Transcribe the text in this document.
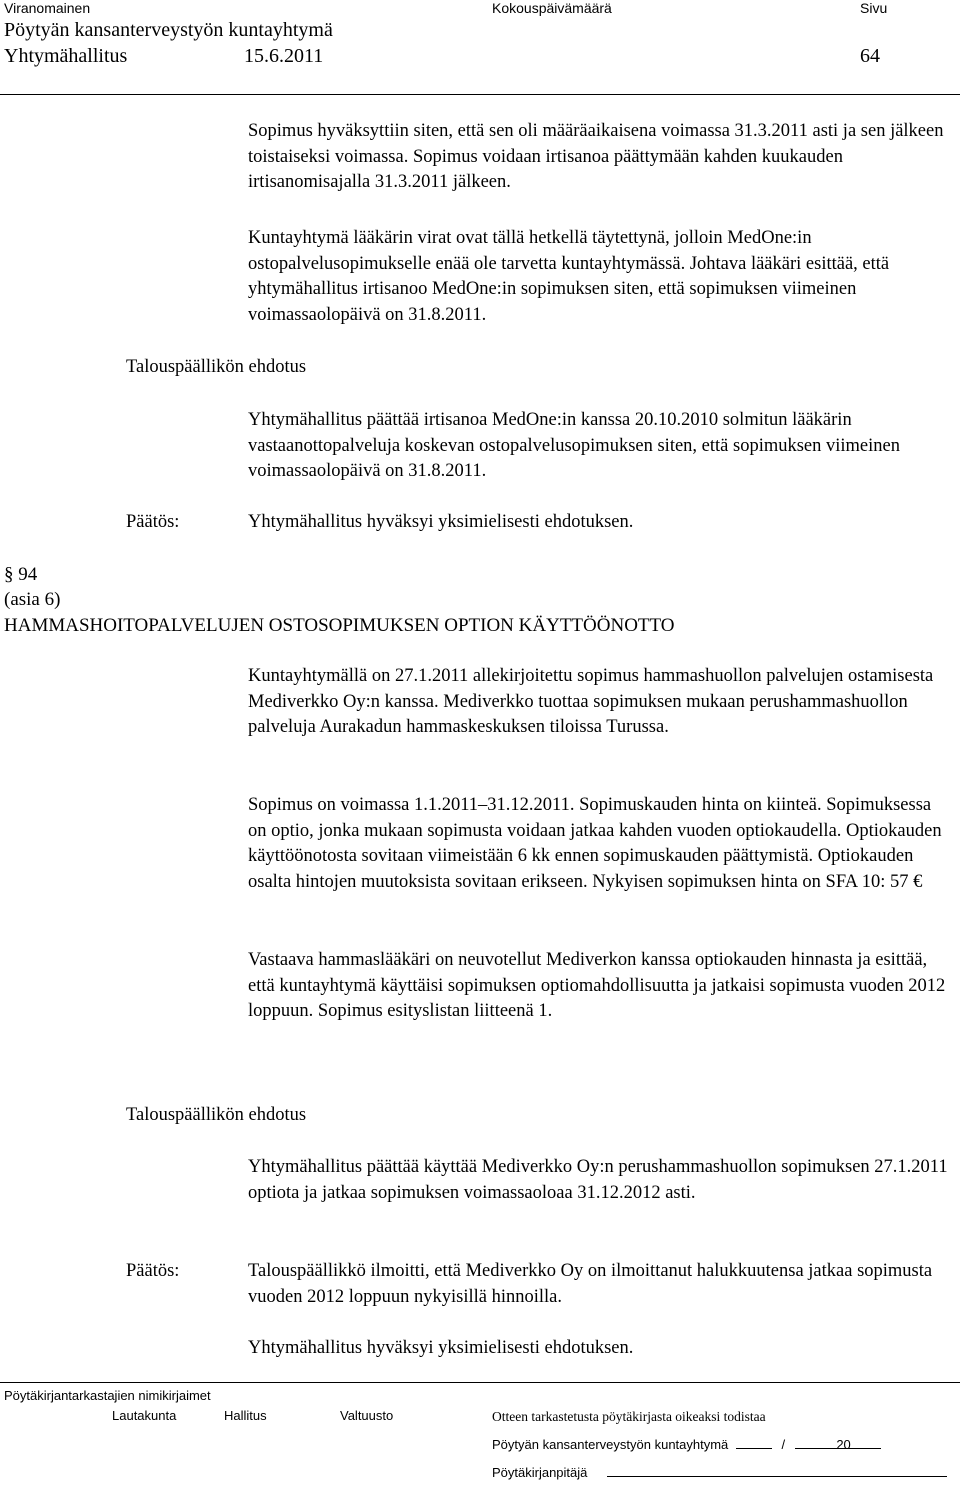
Viranomainen	Kokouspäivämäärä	Sivu
Pöytyän kansanterveystyön kuntayhtymä
Yhtymähallitus	15.6.2011	64

Sopimus hyväksyttiin siten, että sen oli määräaikaisena voimassa 31.3.2011 asti ja sen jälkeen toistaiseksi voimassa. Sopimus voidaan irtisanoa päättymään kahden kuukauden irtisanomisajalla 31.3.2011 jälkeen.

Kuntayhtymä lääkärin virat ovat tällä hetkellä täytettynä, jolloin MedOne:in ostopalvelusopimukselle enää ole tarvetta kuntayhtymässä. Johtava lääkäri esittää, että yhtymähallitus irtisanoo MedOne:in sopimuksen siten, että sopimuksen viimeinen voimassaolopäivä on 31.8.2011.

Talouspäällikön ehdotus

Yhtymähallitus päättää irtisanoa MedOne:in kanssa 20.10.2010 solmitun lääkärin vastaanottopalveluja koskevan ostopalvelusopimuksen siten, että sopimuksen viimeinen voimassaolopäivä on 31.8.2011.

Päätös:	Yhtymähallitus hyväksyi yksimielisesti ehdotuksen.

§ 94
(asia 6)
HAMMASHOITOPALVELUJEN OSTOSOPIMUKSEN OPTION KÄYTTÖÖNOTTO

Kuntayhtymällä on 27.1.2011 allekirjoitettu sopimus hammashuollon palvelujen ostamisesta Mediverkko Oy:n kanssa. Mediverkko tuottaa sopimuksen mukaan perushammashuollon palveluja Aurakadun hammaskeskuksen tiloissa Turussa.

Sopimus on voimassa 1.1.2011–31.12.2011. Sopimuskauden hinta on kiinteä. Sopimuksessa on optio, jonka mukaan sopimusta voidaan jatkaa kahden vuoden optiokaudella. Optiokauden käyttöönotosta sovitaan viimeistään 6 kk ennen sopimuskauden päättymistä. Optiokauden osalta hintojen muutoksista sovitaan erikseen. Nykyisen sopimuksen hinta on SFA 10: 57 €

Vastaava hammaslääkäri on neuvotellut Mediverkon kanssa optiokauden hinnasta ja esittää, että kuntayhtymä käyttäisi sopimuksen optiomahdollisuutta ja jatkaisi sopimusta vuoden 2012 loppuun. Sopimus esityslistan liitteenä 1.

Talouspäällikön ehdotus

Yhtymähallitus päättää käyttää Mediverkko Oy:n perushammashuollon sopimuksen 27.1.2011 optiota ja jatkaa sopimuksen voimassaoloaa 31.12.2012 asti.

Päätös:	Talouspäällikkö ilmoitti, että Mediverkko Oy on ilmoittanut halukkuutensa jatkaa sopimusta vuoden 2012 loppuun nykyisillä hinnoilla.

Yhtymähallitus hyväksyi yksimielisesti ehdotuksen.

Pöytäkirjantarkastajien nimikirjaimet
Lautakunta	Hallitus	Valtuusto	Otteen tarkastetusta pöytäkirjasta oikeaksi todistaa
Pöytyän kansanterveystyön kuntayhtymä	/	20
Pöytäkirjanpitäjä
